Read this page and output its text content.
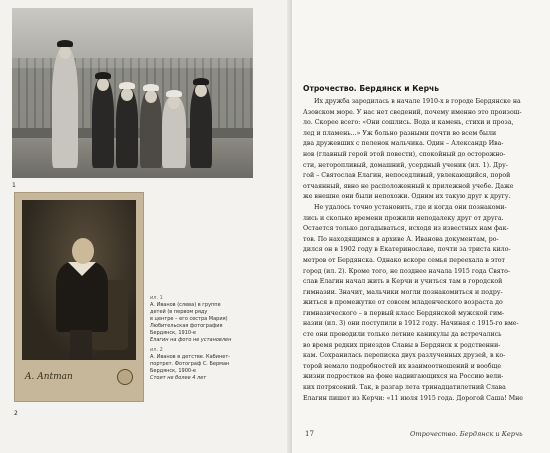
1
A. Antman
2

ил. 1

А. Иванов (слева) в группе

детей (в первом ряду

в центре – его сестра Мария)

Любительская фотография

Бердянск, 1910-е

Елагин на фото не установлен

ил. 2

А. Иванов в детстве. Кабинет-

портрет. Фотограф С. Берман

Бердянск, 1900-е

Стоит не более 4 лет

Отрочество. Бердянск и Керчь
Их дружба зародилась в начале 1910-х в городе Бердянске на
Азовском море. У нас нет сведений, почему именно это произош-
ло. Скорее всего: «Они сошлись. Вода и камень, стихи и проза,
лед и пламень...» Уж больно разными почти во всем были
два дружевших с пеленок мальчика. Один – Александр Ива-
нов (главный герой этой повести), спокойный до осторожно-
сти, неторопливый, домашний, усердный ученик (ил. 1). Дру-
гой – Святослав Елагин, непоседливый, увлекающийся, порой
отчаянный, явно не расположенный к прилежной учебе. Даже
же внешне они были непохожи. Одним их такую друг к другу.
Не удалось точно установить, где и когда они познакоми-
лись и сколько времени прожили неподалеку друг от друга.
Остается только догадываться, исходя из известных нам фак-
тов. По находящимся в архиве А. Иванова документам, ро-
дился он в 1902 году в Екатеринославе, почти за триста кило-
метров от Бердянска. Однако вскоре семья переехала в этот
город (ил. 2). Кроме того, не позднее начала 1915 года Свято-
слав Елагин начал жить в Керчи и учиться там в городской
гимназии. Значит, мальчики могли познакомиться и подру-
житься в промежутке от совсем младенческого возраста до
гимназического – в первый класс Бердянской мужской гим-
назии (ил. 3) они поступили в 1912 году. Начиная с 1915-го вме-
сте они проводили только летние каникулы да встречались
во время редких приездов Славы в Бердянск к родственни-
кам. Сохранилась переписка двух разлученных друзей, в ко-
торой немало подробностей их взаимоотношений и вообще
жизни подростков на фоне надвигающихся на Россию вели-
ких потрясений. Так, в разгар лета тринадцатилетний Слава
Елагин пишет из Керчи: «11 июля 1915 года. Дорогой Саша! Мне
17	Отрочество. Бердянск и Керчь
